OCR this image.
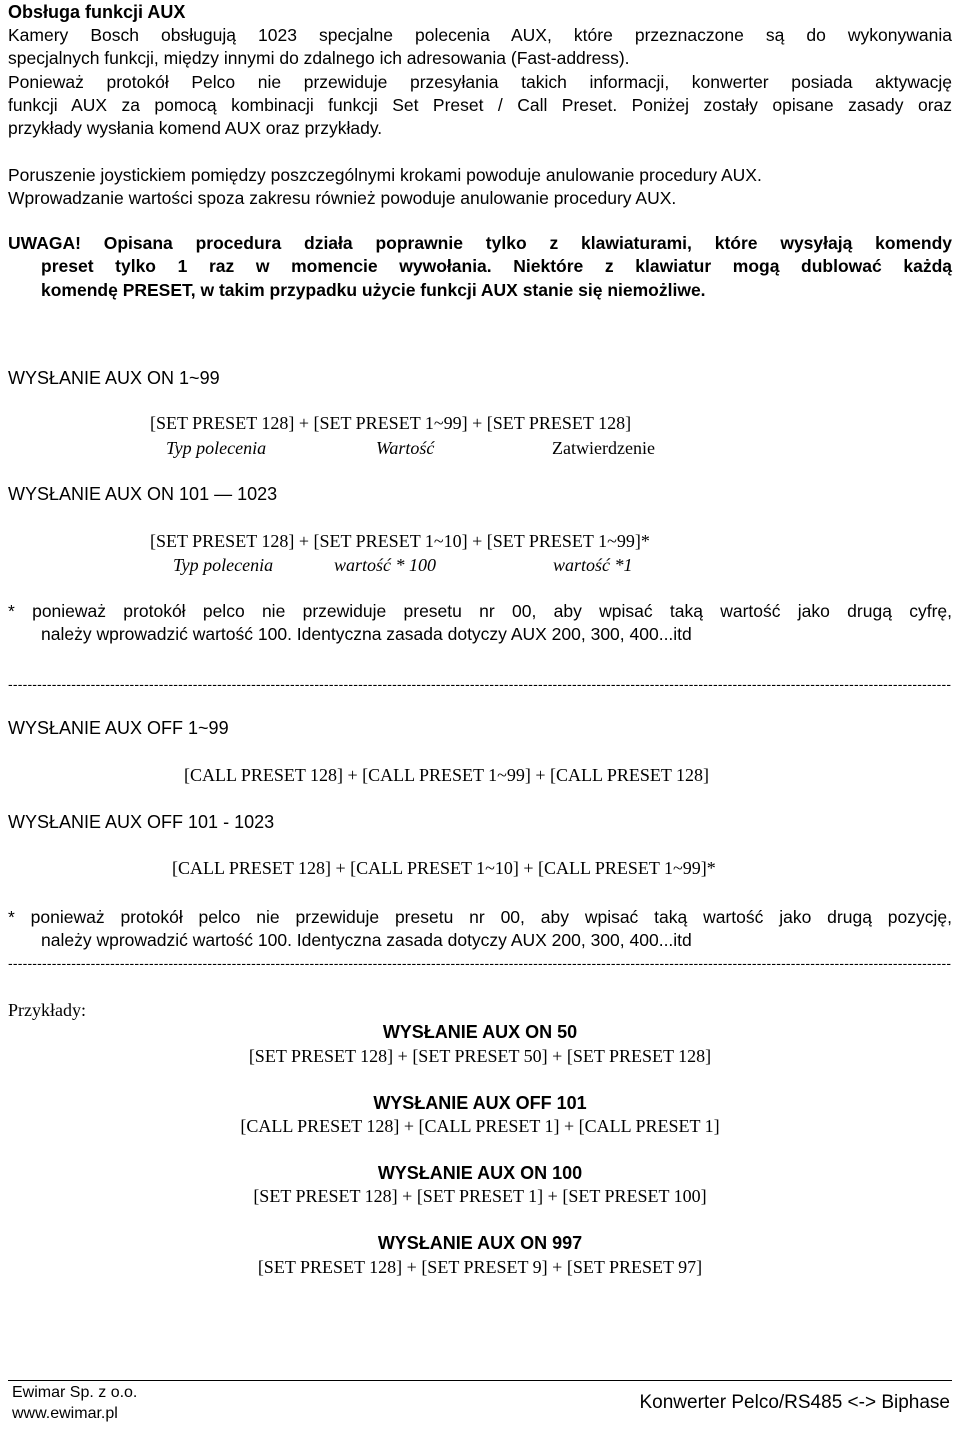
Obsługa funkcji AUX
Kamery Bosch obsługują 1023 specjalne polecenia AUX, które przeznaczone są do wykonywania
specjalnych funkcji, między innymi do zdalnego ich adresowania (Fast-address).
Ponieważ protokół Pelco nie przewiduje przesyłania takich informacji, konwerter posiada aktywację
funkcji AUX za pomocą kombinacji funkcji Set Preset / Call Preset. Poniżej zostały opisane zasady oraz
przykłady wysłania komend AUX oraz przykłady.
Poruszenie joystickiem pomiędzy poszczególnymi krokami powoduje anulowanie procedury AUX.
Wprowadzanie wartości spoza zakresu również powoduje anulowanie procedury AUX.
UWAGA! Opisana procedura działa poprawnie tylko z klawiaturami, które wysyłają komendy
preset tylko 1 raz w momencie wywołania. Niektóre z klawiatur mogą dublować każdą
komendę PRESET, w takim przypadku użycie funkcji AUX stanie się niemożliwe.
WYSŁANIE AUX ON 1~99
[SET PRESET 128] + [SET PRESET 1~99] + [SET PRESET 128]
Typ polecenia	Wartość	Zatwierdzenie
WYSŁANIE AUX ON 101 — 1023
[SET PRESET 128] + [SET PRESET 1~10] + [SET PRESET 1~99]*
Typ polecenia	wartość * 100	wartość *1
* ponieważ protokół pelco nie przewiduje presetu nr 00, aby wpisać taką wartość jako drugą cyfrę,
należy wprowadzić wartość 100. Identyczna zasada dotyczy AUX 200, 300, 400...itd
--------------------------------------------------------------------------------------------------------------------------------------------------------------------------------------------------
WYSŁANIE AUX OFF 1~99
[CALL PRESET 128] + [CALL PRESET 1~99] + [CALL PRESET 128]
WYSŁANIE AUX OFF 101 - 1023
[CALL PRESET 128] + [CALL PRESET 1~10] + [CALL PRESET 1~99]*
* ponieważ protokół pelco nie przewiduje presetu nr 00, aby wpisać taką wartość jako drugą pozycję,
należy wprowadzić wartość 100. Identyczna zasada dotyczy AUX 200, 300, 400...itd
--------------------------------------------------------------------------------------------------------------------------------------------------------------------------------------------------
Przykłady:
WYSŁANIE AUX ON 50
[SET PRESET 128] + [SET PRESET 50] + [SET PRESET 128]
WYSŁANIE AUX OFF 101
[CALL PRESET 128] + [CALL PRESET 1] + [CALL PRESET 1]
WYSŁANIE AUX ON 100
[SET PRESET 128] + [SET PRESET 1] + [SET PRESET 100]
WYSŁANIE AUX ON 997
[SET PRESET 128] + [SET PRESET 9] + [SET PRESET 97]
Ewimar Sp. z o.o.
www.ewimar.pl
Konwerter Pelco/RS485 <-> Biphase
